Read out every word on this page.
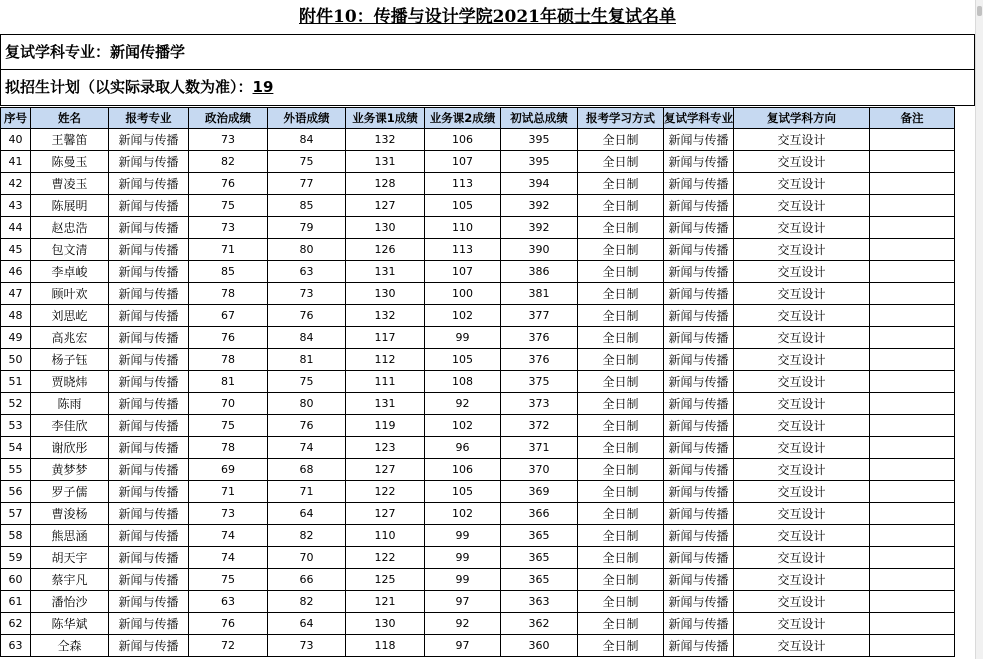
附件10：传播与设计学院2021年硕士生复试名单
复试学科专业：新闻传播学
拟招生计划（以实际录取人数为准）：19
序号	姓名	报考专业	政治成绩	外语成绩	业务课1成绩	业务课2成绩	初试总成绩	报考学习方式	复试学科专业	复试学科方向	备注
40	王馨笛	新闻与传播	73	84	132	106	395	全日制	新闻与传播	交互设计	
41	陈曼玉	新闻与传播	82	75	131	107	395	全日制	新闻与传播	交互设计	
42	曹凌玉	新闻与传播	76	77	128	113	394	全日制	新闻与传播	交互设计	
43	陈展明	新闻与传播	75	85	127	105	392	全日制	新闻与传播	交互设计	
44	赵忠浩	新闻与传播	73	79	130	110	392	全日制	新闻与传播	交互设计	
45	包文清	新闻与传播	71	80	126	113	390	全日制	新闻与传播	交互设计	
46	李卓峻	新闻与传播	85	63	131	107	386	全日制	新闻与传播	交互设计	
47	顾叶欢	新闻与传播	78	73	130	100	381	全日制	新闻与传播	交互设计	
48	刘思屹	新闻与传播	67	76	132	102	377	全日制	新闻与传播	交互设计	
49	高兆宏	新闻与传播	76	84	117	99	376	全日制	新闻与传播	交互设计	
50	杨子钰	新闻与传播	78	81	112	105	376	全日制	新闻与传播	交互设计	
51	贾晓炜	新闻与传播	81	75	111	108	375	全日制	新闻与传播	交互设计	
52	陈雨	新闻与传播	70	80	131	92	373	全日制	新闻与传播	交互设计	
53	李佳欣	新闻与传播	75	76	119	102	372	全日制	新闻与传播	交互设计	
54	谢欣彤	新闻与传播	78	74	123	96	371	全日制	新闻与传播	交互设计	
55	黄梦梦	新闻与传播	69	68	127	106	370	全日制	新闻与传播	交互设计	
56	罗子儒	新闻与传播	71	71	122	105	369	全日制	新闻与传播	交互设计	
57	曹浚杨	新闻与传播	73	64	127	102	366	全日制	新闻与传播	交互设计	
58	熊思涵	新闻与传播	74	82	110	99	365	全日制	新闻与传播	交互设计	
59	胡天宇	新闻与传播	74	70	122	99	365	全日制	新闻与传播	交互设计	
60	蔡宇凡	新闻与传播	75	66	125	99	365	全日制	新闻与传播	交互设计	
61	潘怡沙	新闻与传播	63	82	121	97	363	全日制	新闻与传播	交互设计	
62	陈华斌	新闻与传播	76	64	130	92	362	全日制	新闻与传播	交互设计	
63	仝森	新闻与传播	72	73	118	97	360	全日制	新闻与传播	交互设计	
